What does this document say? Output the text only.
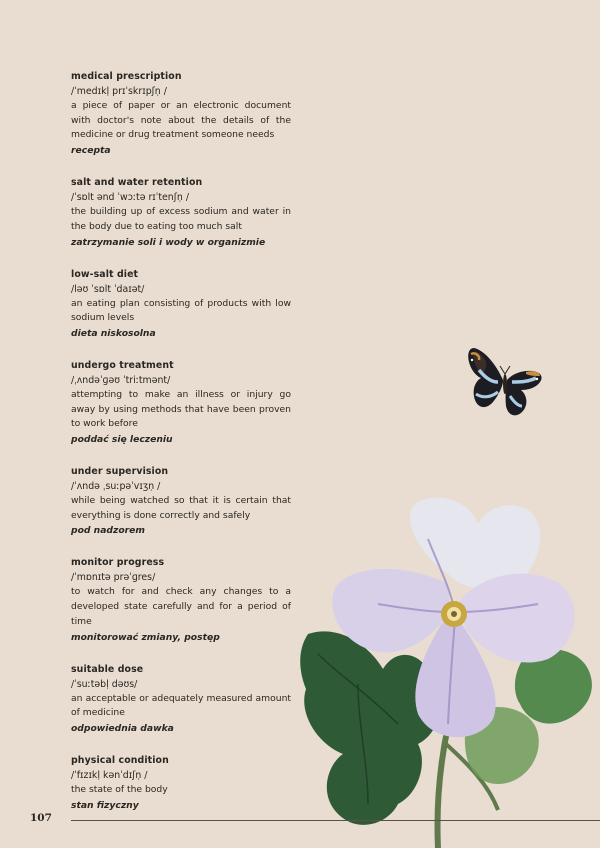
medical prescription

/ˈmedɪkḷ prɪˈskrɪpʃṇ /

a piece of paper or an electronic document with doctor's note about the details of the medicine or drug treatment someone needs

recepta

salt and water retention

/ˈsɒlt ənd ˈwɔːtə rɪˈtenʃṇ /

the building up of excess sodium and water in the body due to eating too much salt

zatrzymanie soli i wody w organizmie

low-salt diet

/ləʊ ˈsɒlt ˈdaɪət/

an eating plan consisting of products with low sodium levels

dieta niskosolna

undergo treatment

/ˌʌndəˈɡəʊ ˈtriːtmənt/

attempting to make an illness or injury go away by using methods that have been proven to work before

poddać się leczeniu

under supervision

/ˈʌndə ˌsuːpəˈvɪʒṇ /

while being watched so that it is certain that everything is done correctly and safely

pod nadzorem

monitor progress

/ˈmɒnɪtə prəˈɡres/

to watch for and check any changes to a developed state carefully and for a period of time

monitorować zmiany, postęp

suitable dose

/ˈsuːtəbḷ dəʊs/

an acceptable or adequately measured amount of medicine

odpowiednia dawka

physical condition

/ˈfɪzɪkḷ kənˈdɪʃṇ /

the state of the body

stan fizyczny

107
